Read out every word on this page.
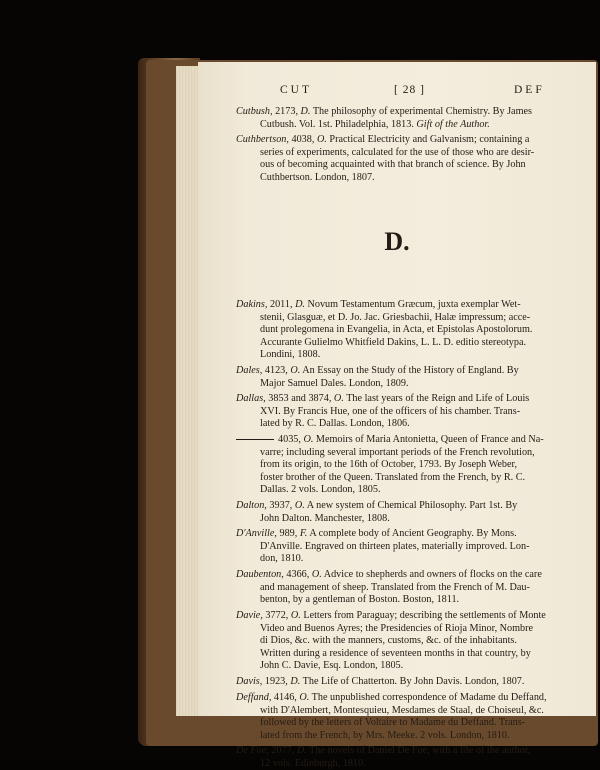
CUT	[ 28 ]	DEF
Cutbush, 2173, D. The philosophy of experimental Chemistry. By James
Cutbush. Vol. 1st. Philadelphia, 1813. Gift of the Author.
Cuthbertson, 4038, O. Practical Electricity and Galvanism; containing a
series of experiments, calculated for the use of those who are desir-
ous of becoming acquainted with that branch of science. By John
Cuthbertson. London, 1807.
D.
Dakins, 2011, D. Novum Testamentum Græcum, juxta exemplar Wet-
stenii, Glasguæ, et D. Jo. Jac. Griesbachii, Halæ impressum; acce-
dunt prolegomena in Evangelia, in Acta, et Epistolas Apostolorum.
Accurante Gulielmo Whitfield Dakins, L. L. D. editio stereotypa.
Londini, 1808.
Dales, 4123, O. An Essay on the Study of the History of England. By
Major Samuel Dales. London, 1809.
Dallas, 3853 and 3874, O. The last years of the Reign and Life of Louis
XVI. By Francis Hue, one of the officers of his chamber. Trans-
lated by R. C. Dallas. London, 1806.
4035, O. Memoirs of Maria Antonietta, Queen of France and Na-
varre; including several important periods of the French revolution,
from its origin, to the 16th of October, 1793. By Joseph Weber,
foster brother of the Queen. Translated from the French, by R. C.
Dallas. 2 vols. London, 1805.
Dalton, 3937, O. A new system of Chemical Philosophy. Part 1st. By
John Dalton. Manchester, 1808.
D'Anville, 989, F. A complete body of Ancient Geography. By Mons.
D'Anville. Engraved on thirteen plates, materially improved. Lon-
don, 1810.
Daubenton, 4366, O. Advice to shepherds and owners of flocks on the care
and management of sheep. Translated from the French of M. Dau-
benton, by a gentleman of Boston. Boston, 1811.
Davie, 3772, O. Letters from Paraguay; describing the settlements of Monte
Video and Buenos Ayres; the Presidencies of Rioja Minor, Nombre
di Dios, &c. with the manners, customs, &c. of the inhabitants.
Written during a residence of seventeen months in that country, by
John C. Davie, Esq. London, 1805.
Davis, 1923, D. The Life of Chatterton. By John Davis. London, 1807.
Deffand, 4146, O. The unpublished correspondence of Madame du Deffand,
with D'Alembert, Montesquieu, Mesdames de Staal, de Choiseul, &c.
followed by the letters of Voltaire to Madame du Deffand. Trans-
lated from the French, by Mrs. Meeke. 2 vols. London, 1810.
De Foe, 2077, D. The novels of Daniel De Foe, with a life of the author,
12 vols. Edinburgh, 1810.
